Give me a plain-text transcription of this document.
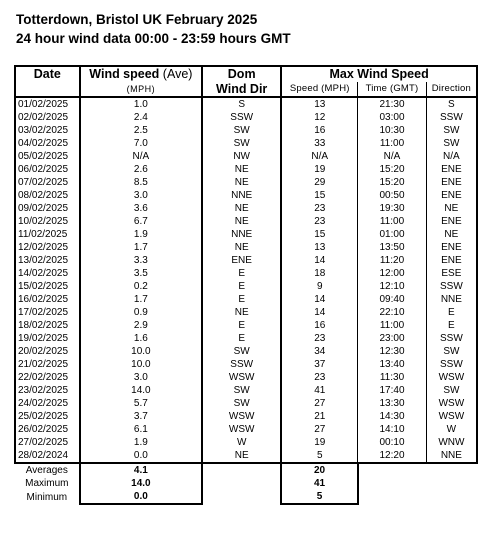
Totterdown, Bristol UK February 2025
24 hour wind data 00:00 - 23:59 hours GMT
Date	Wind speed (Ave)	Dom	Max Wind Speed		
	(MPH)	Wind Dir	Speed (MPH)	Time (GMT)	Direction
01/02/2025	1.0	S	13	21:30	S
02/02/2025	2.4	SSW	12	03:00	SSW
03/02/2025	2.5	SW	16	10:30	SW
04/02/2025	7.0	SW	33	11:00	SW
05/02/2025	N/A	NW	N/A	N/A	N/A
06/02/2025	2.6	NE	19	15:20	ENE
07/02/2025	8.5	NE	29	15:20	ENE
08/02/2025	3.0	NNE	15	00:50	ENE
09/02/2025	3.6	NE	23	19:30	NE
10/02/2025	6.7	NE	23	11:00	ENE
11/02/2025	1.9	NNE	15	01:00	NE
12/02/2025	1.7	NE	13	13:50	ENE
13/02/2025	3.3	ENE	14	11:20	ENE
14/02/2025	3.5	E	18	12:00	ESE
15/02/2025	0.2	E	9	12:10	SSW
16/02/2025	1.7	E	14	09:40	NNE
17/02/2025	0.9	NE	14	22:10	E
18/02/2025	2.9	E	16	11:00	E
19/02/2025	1.6	E	23	23:00	SSW
20/02/2025	10.0	SW	34	12:30	SW
21/02/2025	10.0	SSW	37	13:40	SSW
22/02/2025	3.0	WSW	23	11:30	WSW
23/02/2025	14.0	SW	41	17:40	SW
24/02/2025	5.7	SW	27	13:30	WSW
25/02/2025	3.7	WSW	21	14:30	WSW
26/02/2025	6.1	WSW	27	14:10	W
27/02/2025	1.9	W	19	00:10	WNW
28/02/2024	0.0	NE	5	12:20	NNE
Averages	4.1		20		
Maximum	14.0		41		
Minimum	0.0		5		
